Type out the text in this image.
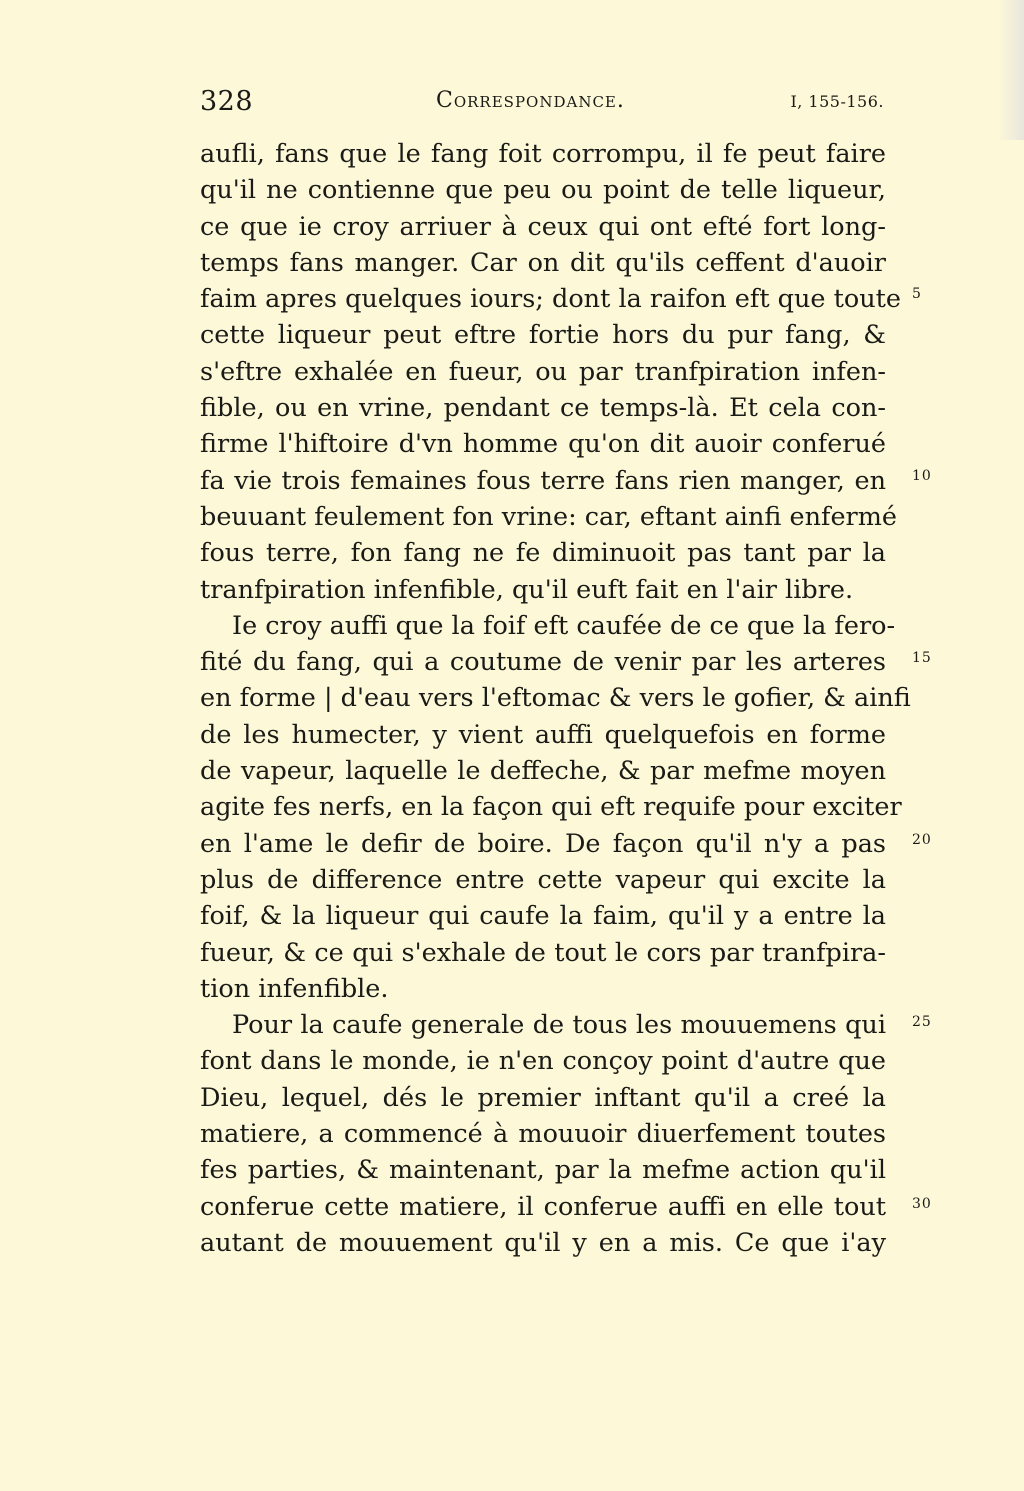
328	Correspondance.	I, 155-156.
aufli, fans que le fang foit corrompu, il fe peut faire
qu'il ne contienne que peu ou point de telle liqueur,
ce que ie croy arriuer à ceux qui ont efté fort long-
temps fans manger. Car on dit qu'ils ceffent d'auoir
faim apres quelques iours; dont la raifon eft que toute
cette liqueur peut eftre fortie hors du pur fang, &
s'eftre exhalée en fueur, ou par tranfpiration infen-
fible, ou en vrine, pendant ce temps-là. Et cela con-
firme l'hiftoire d'vn homme qu'on dit auoir conferué
fa vie trois femaines fous terre fans rien manger, en
beuuant feulement fon vrine: car, eftant ainfi enfermé
fous terre, fon fang ne fe diminuoit pas tant par la
tranfpiration infenfible, qu'il euft fait en l'air libre.
Ie croy auffi que la foif eft caufée de ce que la fero-
fité du fang, qui a coutume de venir par les arteres
en forme | d'eau vers l'eftomac & vers le gofier, & ainfi
de les humecter, y vient auffi quelquefois en forme
de vapeur, laquelle le deffeche, & par mefme moyen
agite fes nerfs, en la façon qui eft requife pour exciter
en l'ame le defir de boire. De façon qu'il n'y a pas
plus de difference entre cette vapeur qui excite la
foif, & la liqueur qui caufe la faim, qu'il y a entre la
fueur, & ce qui s'exhale de tout le cors par tranfpira-
tion infenfible.
Pour la caufe generale de tous les mouuemens qui
font dans le monde, ie n'en conçoy point d'autre que
Dieu, lequel, dés le premier inftant qu'il a creé la
matiere, a commencé à mouuoir diuerfement toutes
fes parties, & maintenant, par la mefme action qu'il
conferue cette matiere, il conferue auffi en elle tout
autant de mouuement qu'il y en a mis. Ce que i'ay
5
10
15
20
25
30
